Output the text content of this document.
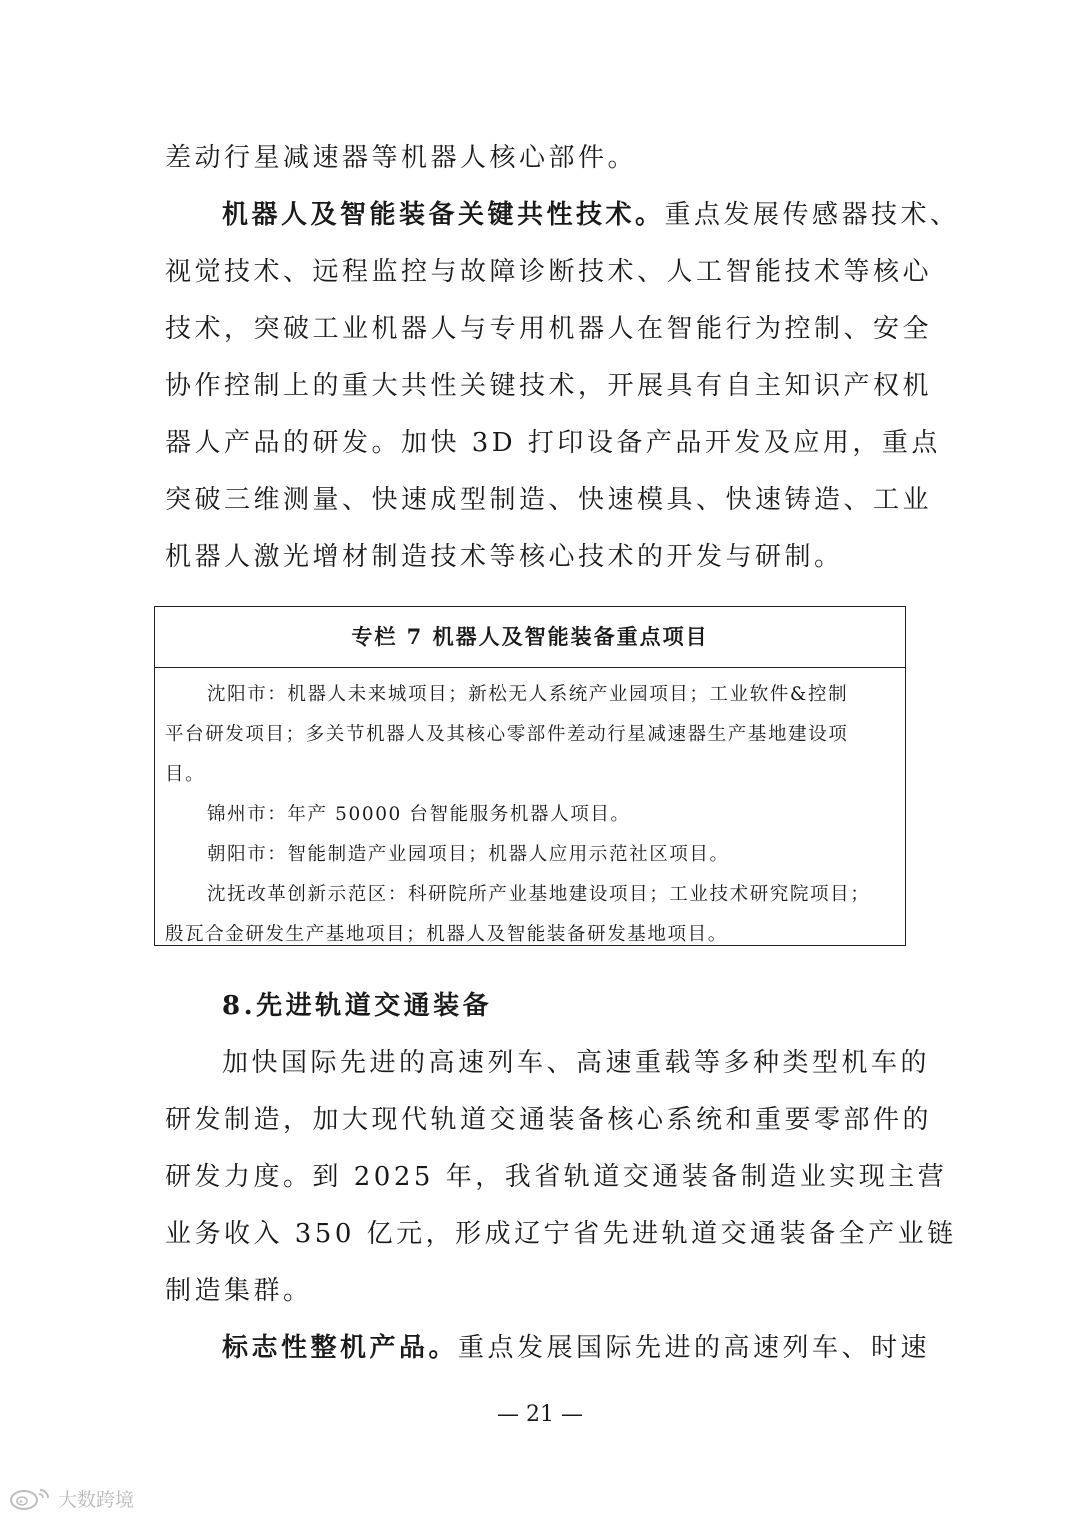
差动行星减速器等机器人核心部件。
机器人及智能装备关键共性技术。重点发展传感器技术、
视觉技术、远程监控与故障诊断技术、人工智能技术等核心
技术，突破工业机器人与专用机器人在智能行为控制、安全
协作控制上的重大共性关键技术，开展具有自主知识产权机
器人产品的研发。加快 3D 打印设备产品开发及应用，重点
突破三维测量、快速成型制造、快速模具、快速铸造、工业
机器人激光增材制造技术等核心技术的开发与研制。
专栏 7 机器人及智能装备重点项目
沈阳市：机器人未来城项目；新松无人系统产业园项目；工业软件&控制
平台研发项目；多关节机器人及其核心零部件差动行星减速器生产基地建设项
目。
锦州市：年产 50000 台智能服务机器人项目。
朝阳市：智能制造产业园项目；机器人应用示范社区项目。
沈抚改革创新示范区：科研院所产业基地建设项目；工业技术研究院项目；
殷瓦合金研发生产基地项目；机器人及智能装备研发基地项目。
8.先进轨道交通装备
加快国际先进的高速列车、高速重载等多种类型机车的
研发制造，加大现代轨道交通装备核心系统和重要零部件的
研发力度。到 2025 年，我省轨道交通装备制造业实现主营
业务收入 350 亿元，形成辽宁省先进轨道交通装备全产业链
制造集群。
标志性整机产品。重点发展国际先进的高速列车、时速
— 21 —
大数跨境
